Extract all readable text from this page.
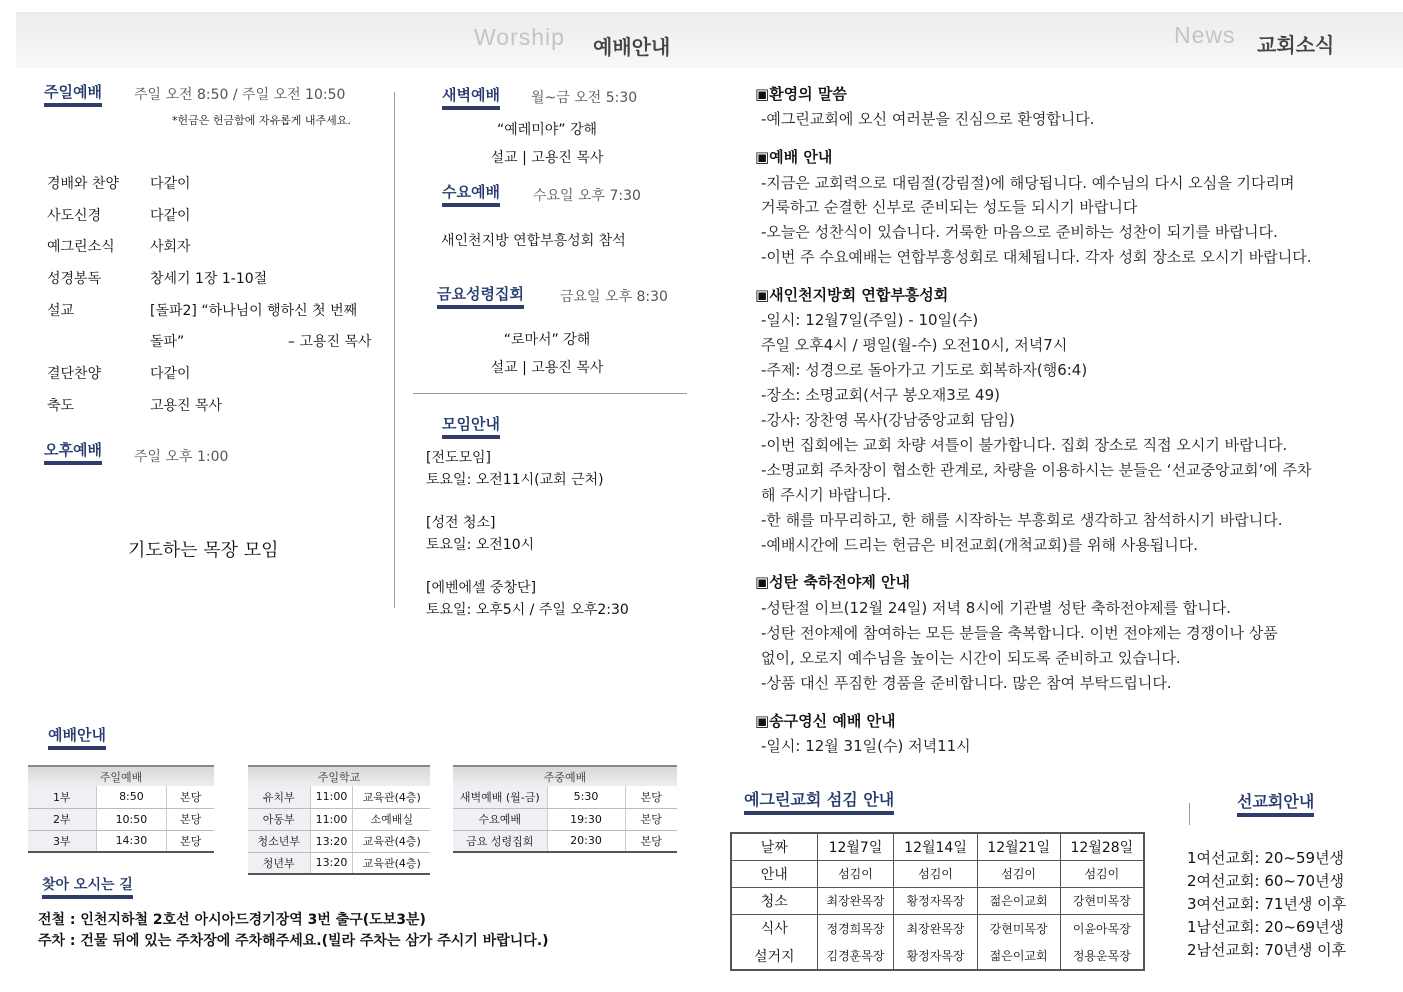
Worship 예배안내	News 교회소식
주일예배 주일 오전 8:50 / 주일 오전 10:50
*헌금은 헌금함에 자유롭게 내주세요.
경배와 찬양 다같이
사도신경	다같이
예그린소식	사회자
성경봉독	창세기 1장 1-10절
설교	[돌파2] “하나님이 행하신 첫 번째
돌파”	– 고용진 목사
결단찬양	다같이
축도	고용진 목사
오후예배 주일 오후 1:00
기도하는 목장 모임
새벽예배 월~금 오전 5:30
“예레미야” 강해
설교 | 고용진 목사
수요예배 수요일 오후 7:30
새인천지방 연합부흥성회 참석
금요성령집회	금요일 오후 8:30
“로마서” 강해
설교 | 고용진 목사
모임안내
[전도모임]
토요일: 오전11시(교회 근처)
[성전 청소]
토요일: 오전10시
[에벤에셀 중창단]
토요일: 오후5시 / 주일 오후2:30
예배안내
주일예배		
1부	8:50	본당
2부	10:50	본당
3부	14:30	본당
주일학교		
유치부	11:00	교육관(4층)
아동부	11:00	소예배실
청소년부	13:20	교육관(4층)
청년부	13:20	교육관(4층)
주중예배		
새벽예배 (월-금)	5:30	본당
수요예배	19:30	본당
금요 성령집회	20:30	본당
찾아 오시는 길
전철 : 인천지하철 2호선 아시아드경기장역 3번 출구(도보3분)
주차 : 건물 뒤에 있는 주차장에 주차해주세요.(빌라 주차는 삼가 주시기 바랍니다.)
▣환영의 말씀
-예그린교회에 오신 여러분을 진심으로 환영합니다.
▣예배 안내
-지금은 교회력으로 대림절(강림절)에 해당됩니다. 예수님의 다시 오심을 기다리며
거룩하고 순결한 신부로 준비되는 성도들 되시기 바랍니다
-오늘은 성찬식이 있습니다. 거룩한 마음으로 준비하는 성찬이 되기를 바랍니다.
-이번 주 수요예배는 연합부흥성회로 대체됩니다. 각자 성회 장소로 오시기 바랍니다.
▣새인천지방회 연합부흥성회
-일시: 12월7일(주일) - 10일(수)
주일 오후4시 / 평일(월-수) 오전10시, 저녁7시
-주제: 성경으로 돌아가고 기도로 회복하자(행6:4)
-장소: 소명교회(서구 봉오재3로 49)
-강사: 장찬영 목사(강남중앙교회 담임)
-이번 집회에는 교회 차량 셔틀이 불가합니다. 집회 장소로 직접 오시기 바랍니다.
-소명교회 주차장이 협소한 관계로, 차량을 이용하시는 분들은 ‘선교중앙교회’에 주차
해 주시기 바랍니다.
-한 해를 마무리하고, 한 해를 시작하는 부흥회로 생각하고 참석하시기 바랍니다.
-예배시간에 드리는 헌금은 비전교회(개척교회)를 위해 사용됩니다.
▣성탄 축하전야제 안내
-성탄절 이브(12월 24일) 저녁 8시에 기관별 성탄 축하전야제를 합니다.
-성탄 전야제에 참여하는 모든 분들을 축복합니다. 이번 전야제는 경쟁이나 상품
없이, 오로지 예수님을 높이는 시간이 되도록 준비하고 있습니다.
-상품 대신 푸짐한 경품을 준비합니다. 많은 참여 부탁드립니다.
▣송구영신 예배 안내
-일시: 12월 31일(수) 저녁11시
예그린교회 섬김 안내
날짜	12월7일	12월14일	12월21일	12월28일
안내	섬김이	섬김이	섬김이	섬김이
청소	최장완목장	황정자목장	젊은이교회	강현미목장
식사	정경희목장	최장완목장	강현미목장	이윤아목장
설거지	김경훈목장	황정자목장	젊은이교회	정용운목장
선교회안내
1여선교회: 20~59년생
2여선교회: 60~70년생
3여선교회: 71년생 이후
1남선교회: 20~69년생
2남선교회: 70년생 이후
